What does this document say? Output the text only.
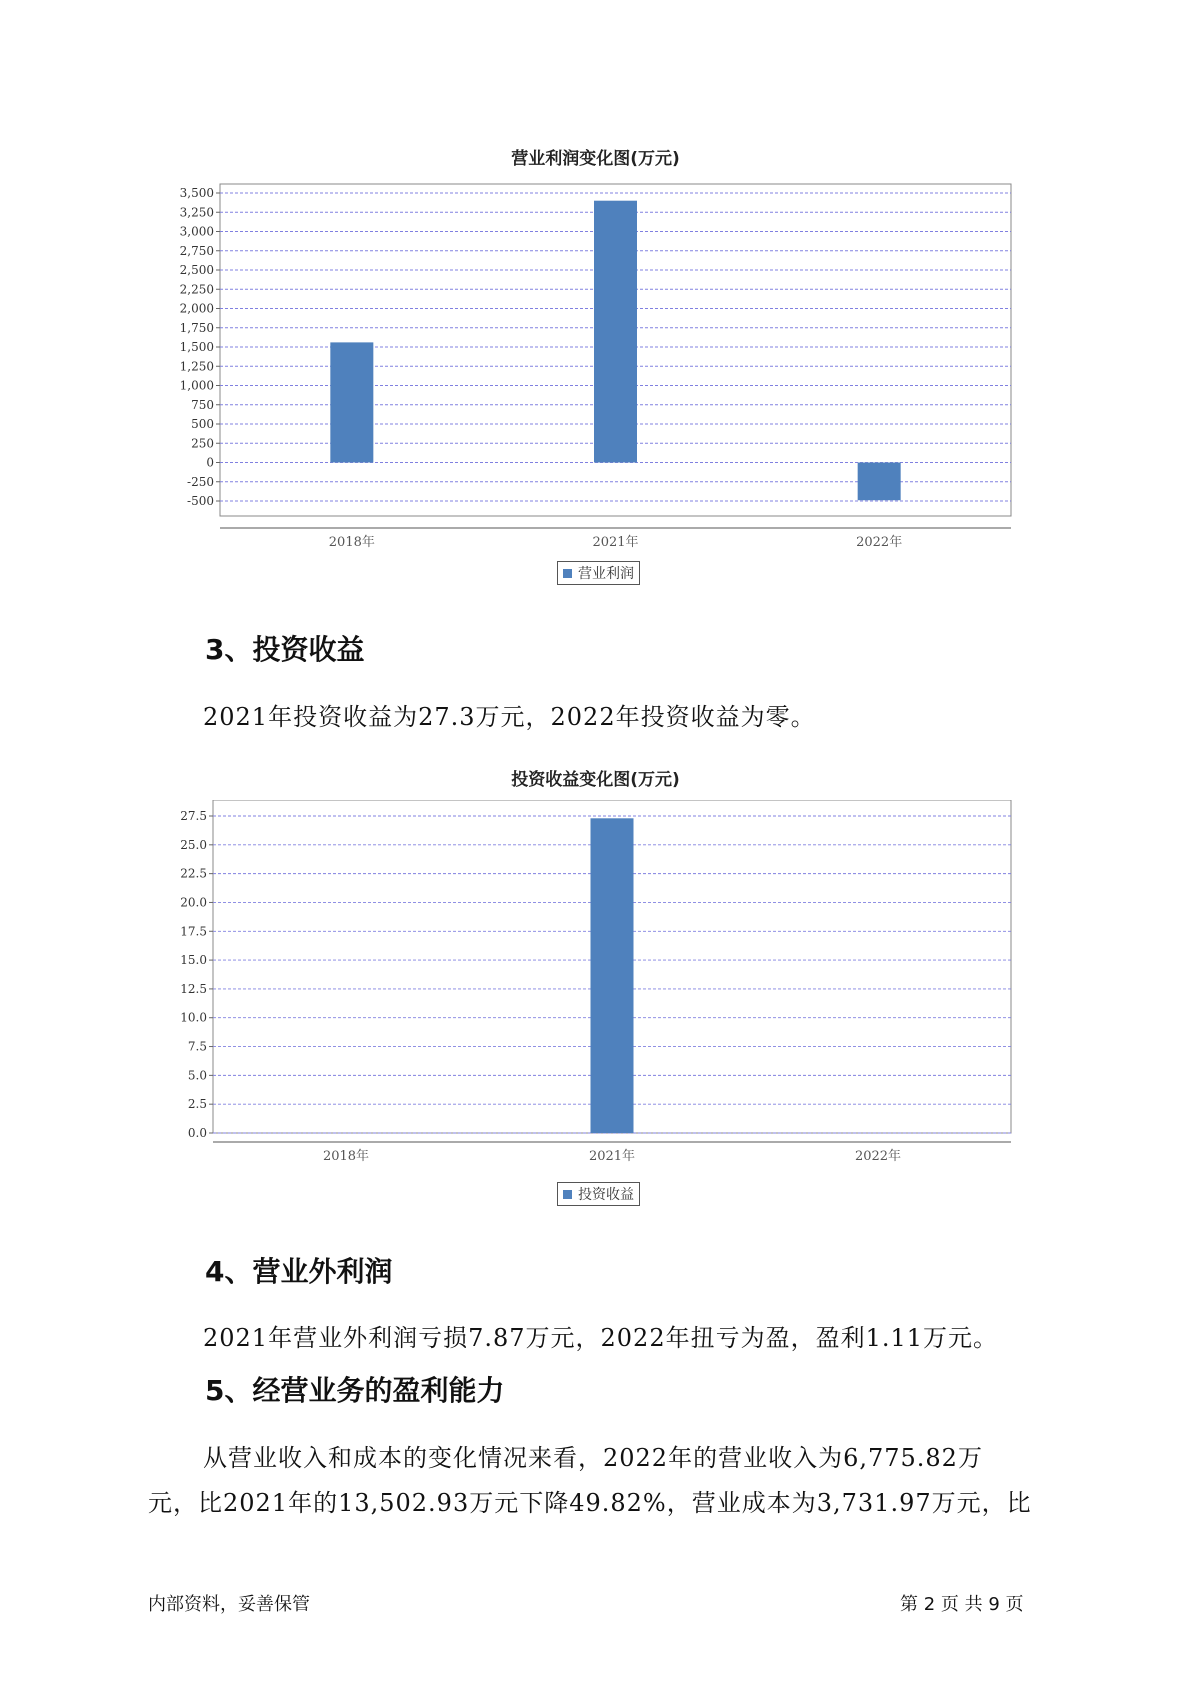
营业利润变化图(万元)
-500
-250
0
250
500
750
1,000
1,250
1,500
1,750
2,000
2,250
2,500
2,750
3,000
3,250
3,500
2018年	2021年	2022年
营业利润
3、投资收益
2021年投资收益为27.3万元，2022年投资收益为零。
投资收益变化图(万元)
0.0
2.5
5.0
7.5
10.0
12.5
15.0
17.5
20.0
22.5
25.0
27.5
2018年	2021年	2022年
投资收益
4、营业外利润
2021年营业外利润亏损7.87万元，2022年扭亏为盈，盈利1.11万元。
5、经营业务的盈利能力
从营业收入和成本的变化情况来看，2022年的营业收入为6,775.82万
元，比2021年的13,502.93万元下降49.82%，营业成本为3,731.97万元，比
内部资料，妥善保管	第 2 页 共 9 页
